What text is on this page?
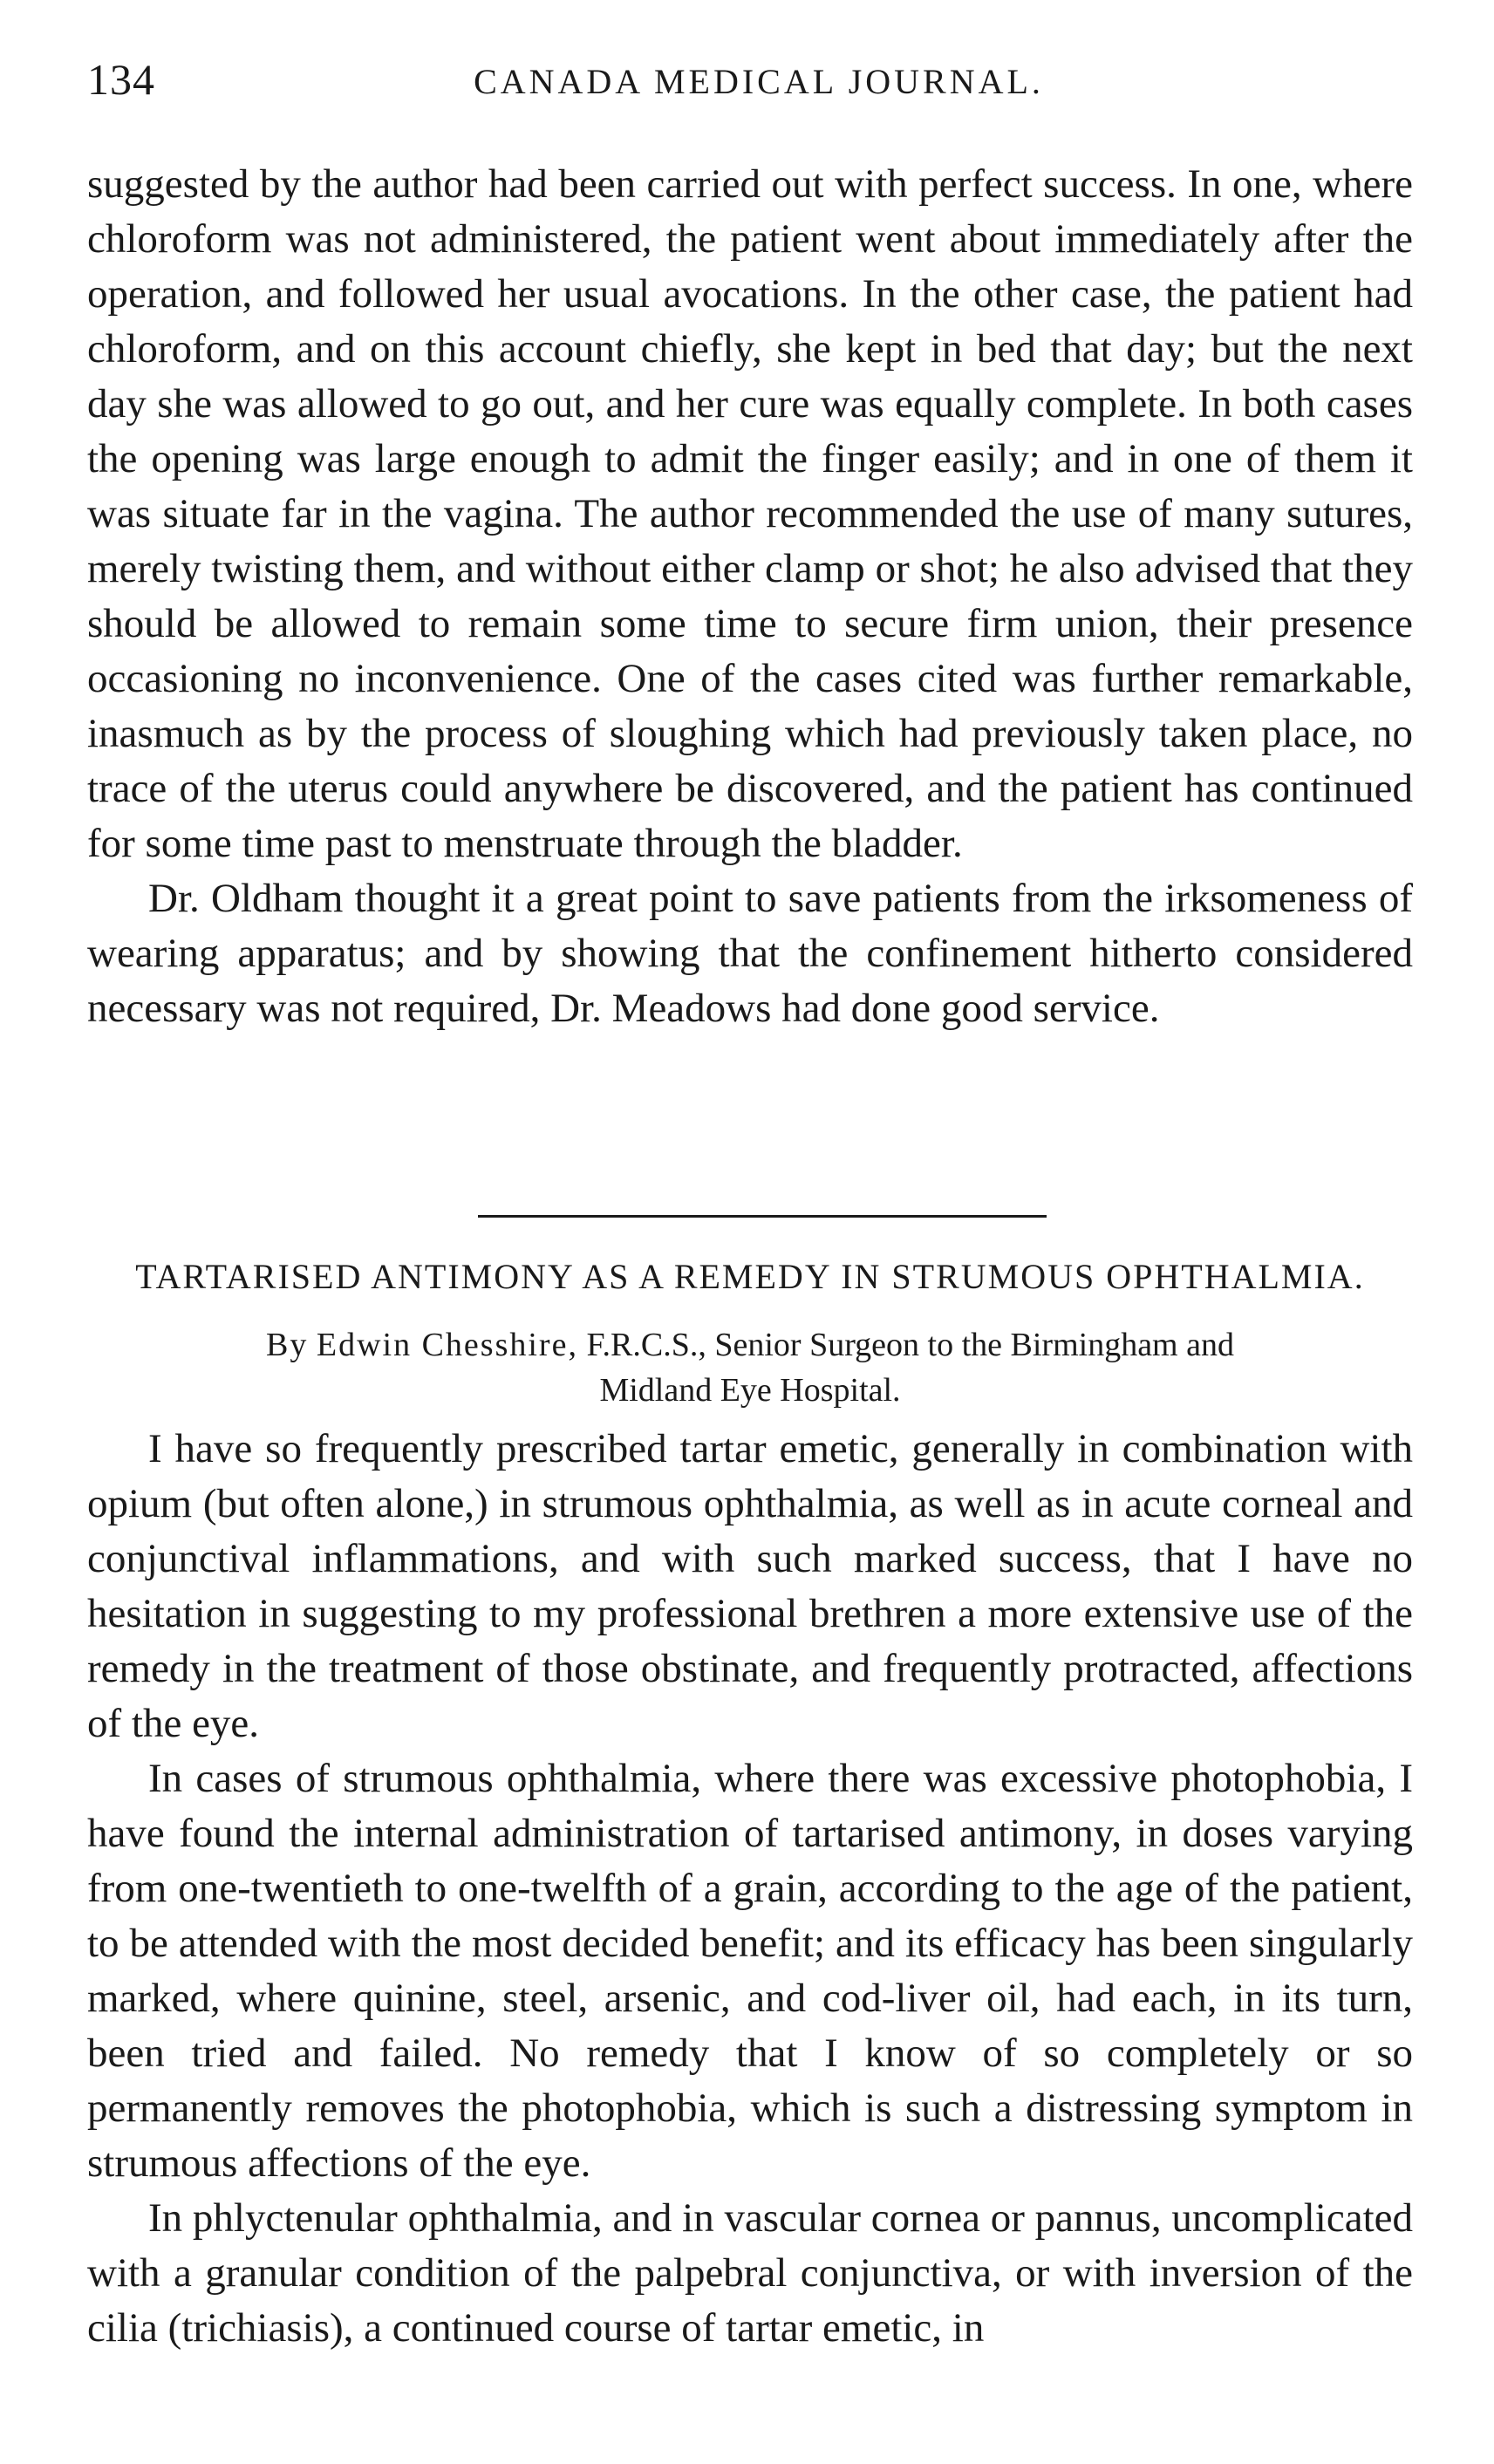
134	CANADA MEDICAL JOURNAL.

suggested by the author had been carried out with perfect success. In one, where chloroform was not administered, the patient went about immediately after the operation, and followed her usual avocations. In the other case, the patient had chloroform, and on this account chiefly, she kept in bed that day; but the next day she was allowed to go out, and her cure was equally complete. In both cases the opening was large enough to admit the finger easily; and in one of them it was situate far in the vagina. The author recommended the use of many sutures, merely twisting them, and without either clamp or shot; he also advised that they should be allowed to remain some time to secure firm union, their presence occasioning no inconvenience. One of the cases cited was further remarkable, inasmuch as by the process of sloughing which had previously taken place, no trace of the uterus could anywhere be discovered, and the patient has continued for some time past to menstruate through the bladder.

Dr. Oldham thought it a great point to save patients from the irksomeness of wearing apparatus; and by showing that the confinement hitherto considered necessary was not required, Dr. Meadows had done good service.

TARTARISED ANTIMONY AS A REMEDY IN STRUMOUS OPHTHALMIA.
By Edwin Chesshire, F.R.C.S., Senior Surgeon to the Birmingham and
Midland Eye Hospital.

I have so frequently prescribed tartar emetic, generally in combination with opium (but often alone,) in strumous ophthalmia, as well as in acute corneal and conjunctival inflammations, and with such marked success, that I have no hesitation in suggesting to my professional brethren a more extensive use of the remedy in the treatment of those obstinate, and frequently protracted, affections of the eye.

In cases of strumous ophthalmia, where there was excessive photophobia, I have found the internal administration of tartarised antimony, in doses varying from one-twentieth to one-twelfth of a grain, according to the age of the patient, to be attended with the most decided benefit; and its efficacy has been singularly marked, where quinine, steel, arsenic, and cod-liver oil, had each, in its turn, been tried and failed. No remedy that I know of so completely or so permanently removes the photophobia, which is such a distressing symptom in strumous affections of the eye.

In phlyctenular ophthalmia, and in vascular cornea or pannus, uncomplicated with a granular condition of the palpebral conjunctiva, or with inversion of the cilia (trichiasis), a continued course of tartar emetic, in
